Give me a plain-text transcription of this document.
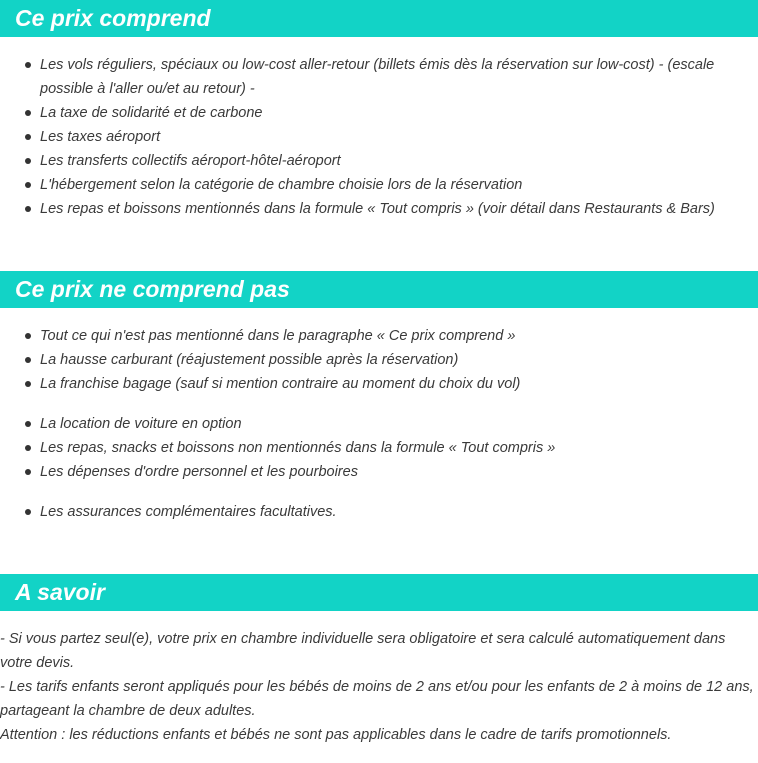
Ce prix comprend
Les vols réguliers, spéciaux ou low-cost aller-retour (billets émis dès la réservation sur low-cost) - (escale possible à l'aller ou/et au retour) -
La taxe de solidarité et de carbone
Les taxes aéroport
Les transferts collectifs aéroport-hôtel-aéroport
L'hébergement selon la catégorie de chambre choisie lors de la réservation
Les repas et boissons mentionnés dans la formule « Tout compris » (voir détail dans Restaurants & Bars)
Ce prix ne comprend pas
Tout ce qui n'est pas mentionné dans le paragraphe « Ce prix comprend »
La hausse carburant (réajustement possible après la réservation)
La franchise bagage (sauf si mention contraire au moment du choix du vol)
La location de voiture en option
Les repas, snacks et boissons non mentionnés dans la formule « Tout compris »
Les dépenses d'ordre personnel et les pourboires
Les assurances complémentaires facultatives.
A savoir

- Si vous partez seul(e), votre prix en chambre individuelle sera obligatoire et sera calculé automatiquement dans votre devis.

- Les tarifs enfants seront appliqués pour les bébés de moins de 2 ans et/ou pour les enfants de 2 à moins de 12 ans, partageant la chambre de deux adultes.

Attention : les réductions enfants et bébés ne sont pas applicables dans le cadre de tarifs promotionnels.
